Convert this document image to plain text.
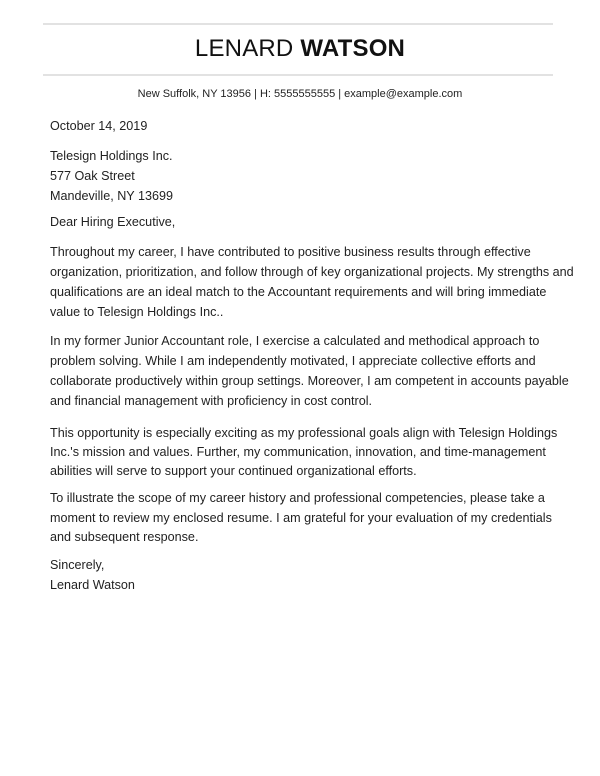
LENARD WATSON
New Suffolk, NY 13956 | H: 5555555555 | example@example.com
October 14, 2019
Telesign Holdings Inc.
577 Oak Street
Mandeville, NY 13699
Dear Hiring Executive,
Throughout my career, I have contributed to positive business results through effective
organization, prioritization, and follow through of key organizational projects. My strengths and
qualifications are an ideal match to the Accountant requirements and will bring immediate
value to Telesign Holdings Inc..
In my former Junior Accountant role, I exercise a calculated and methodical approach to
problem solving. While I am independently motivated, I appreciate collective efforts and
collaborate productively within group settings. Moreover, I am competent in accounts payable
and financial management with proficiency in cost control.
This opportunity is especially exciting as my professional goals align with Telesign Holdings
Inc.'s mission and values. Further, my communication, innovation, and time-management
abilities will serve to support your continued organizational efforts.
To illustrate the scope of my career history and professional competencies, please take a
moment to review my enclosed resume. I am grateful for your evaluation of my credentials
and subsequent response.
Sincerely,
Lenard Watson
